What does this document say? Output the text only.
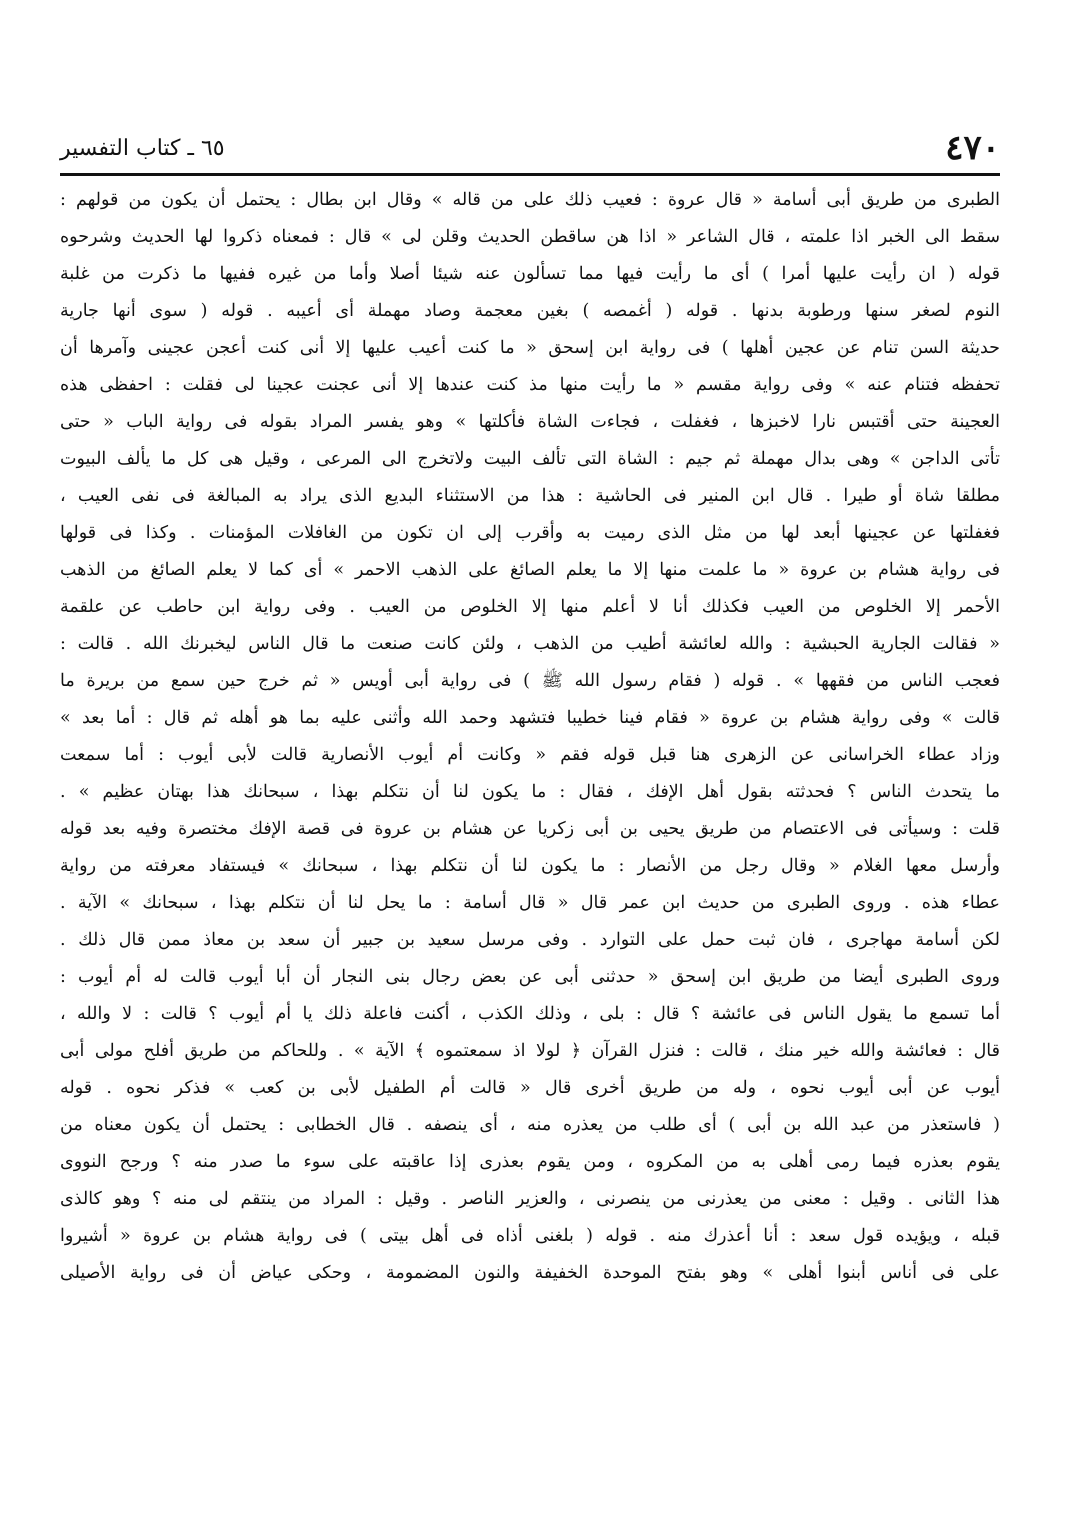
٤٧٠
٦٥ ـ كتاب التفسير
الطبرى من طريق أبى أسامة « قال عروة : فعيب ذلك على من قاله » وقال ابن بطال : يحتمل أن يكون من قولهم :
سقط الى الخبر اذا علمته ، قال الشاعر « اذا هن ساقطن الحديث وقلن لى » قال : فمعناه ذكروا لها الحديث وشرحوه
قوله ( ان رأيت عليها أمرا ) أى ما رأيت فيها مما تسألون عنه شيئا أصلا وأما من غيره ففيها ما ذكرت من غلبة
النوم لصغر سنها ورطوبة بدنها . قوله ( أغمصه ) بغين معجمة وصاد مهملة أى أعيبه . قوله ( سوى أنها جارية
حديثة السن تنام عن عجين أهلها ) فى رواية ابن إسحق « ما كنت أعيب عليها إلا أنى كنت أعجن عجينى وآمرها أن
تحفظه فتنام عنه » وفى رواية مقسم « ما رأيت منها مذ كنت عندها إلا أنى عجنت عجينا لى فقلت : احفظى هذه
العجينة حتى أقتبس نارا لاخبزها ، فغفلت ، فجاءت الشاة فأكلتها » وهو يفسر المراد بقوله فى رواية الباب « حتى
تأتى الداجن » وهى بدال مهملة ثم جيم : الشاة التى تألف البيت ولاتخرج الى المرعى ، وقيل هى كل ما يألف البيوت
مطلقا شاة أو طيرا . قال ابن المنير فى الحاشية : هذا من الاستثناء البديع الذى يراد به المبالغة فى نفى العيب ،
فغفلتها عن عجينها أبعد لها من مثل الذى رميت به وأقرب إلى ان تكون من الغافلات المؤمنات . وكذا فى قولها
فى رواية هشام بن عروة « ما علمت منها إلا ما يعلم الصائغ على الذهب الاحمر » أى كما لا يعلم الصائغ من الذهب
الأحمر إلا الخلوص من العيب فكذلك أنا لا أعلم منها إلا الخلوص من العيب . وفى رواية ابن حاطب عن علقمة
« فقالت الجارية الحبشية : والله لعائشة أطيب من الذهب ، ولئن كانت صنعت ما قال الناس ليخبرنك الله . قالت :
فعجب الناس من فقهها » . قوله ( فقام رسول الله ﷺ ) فى رواية أبى أويس « ثم خرج حين سمع من بريرة ما
قالت » وفى رواية هشام بن عروة « فقام فينا خطيبا فتشهد وحمد الله وأثنى عليه بما هو أهله ثم قال : أما بعد »
وزاد عطاء الخراسانى عن الزهرى هنا قبل قوله فقم « وكانت أم أيوب الأنصارية قالت لأبى أيوب : أما سمعت
ما يتحدث الناس ؟ فحدثته بقول أهل الإفك ، فقال : ما يكون لنا أن نتكلم بهذا ، سبحانك هذا بهتان عظيم » .
قلت : وسيأتى فى الاعتصام من طريق يحيى بن أبى زكريا عن هشام بن عروة فى قصة الإفك مختصرة وفيه بعد قوله
وأرسل معها الغلام « وقال رجل من الأنصار : ما يكون لنا أن نتكلم بهذا ، سبحانك » فيستفاد معرفته من رواية
عطاء هذه . وروى الطبرى من حديث ابن عمر قال « قال أسامة : ما يحل لنا أن نتكلم بهذا ، سبحانك » الآية .
لكن أسامة مهاجرى ، فان ثبت حمل على التوارد . وفى مرسل سعيد بن جبير أن سعد بن معاذ ممن قال ذلك .
وروى الطبرى أيضا من طريق ابن إسحق « حدثنى أبى عن بعض رجال بنى النجار أن أبا أيوب قالت له أم أيوب :
أما تسمع ما يقول الناس فى عائشة ؟ قال : بلى ، وذلك الكذب ، أكنت فاعلة ذلك يا أم أيوب ؟ قالت : لا والله ،
قال : فعائشة والله خير منك ، قالت : فنزل القرآن ﴿ لولا اذ سمعتموه ﴾ الآية » . وللحاكم من طريق أفلح مولى أبى
أيوب عن أبى أيوب نحوه ، وله من طريق أخرى قال « قالت أم الطفيل لأبى بن كعب » فذكر نحوه . قوله
( فاستعذر من عبد الله بن أبى ) أى طلب من يعذره منه ، أى ينصفه . قال الخطابى : يحتمل أن يكون معناه من
يقوم بعذره فيما رمى أهلى به من المكروه ، ومن يقوم بعذرى إذا عاقبته على سوء ما صدر منه ؟ ورجح النووى
هذا الثانى . وقيل : معنى من يعذرنى من ينصرنى ، والعزير الناصر . وقيل : المراد من ينتقم لى منه ؟ وهو كالذى
قبله ، ويؤيده قول سعد : أنا أعذرك منه . قوله ( بلغنى أذاه فى أهل بيتى ) فى رواية هشام بن عروة « أشيروا
على فى أناس أبنوا أهلى » وهو بفتح الموحدة الخفيفة والنون المضمومة ، وحكى عياض أن فى رواية الأصيلى
